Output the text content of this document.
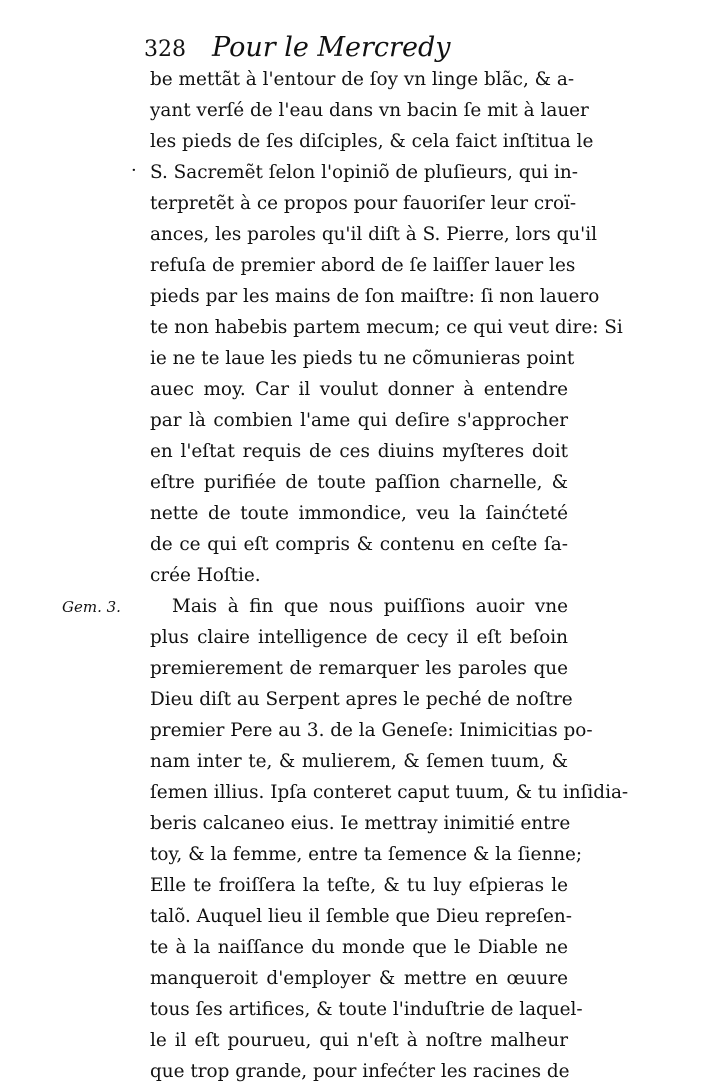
328 Pour le Mercredy
·
Gem. 3.
be mettãt à l'entour de ſoy vn linge blãc, & a-
yant verſé de l'eau dans vn bacin ſe mit à lauer
les pieds de ſes diſciples, & cela faict inſtitua le
S. Sacremẽt ſelon l'opiniõ de pluſieurs, qui in-
terpretẽt à ce propos pour fauoriſer leur croï-
ances, les paroles qu'il diſt à S. Pierre, lors qu'il
refuſa de premier abord de ſe laiſſer lauer les
pieds par les mains de ſon maiſtre: ſi non lauero
te non habebis partem mecum; ce qui veut dire: Si
ie ne te laue les pieds tu ne cõmunieras point
auec moy. Car il voulut donner à entendre
par là combien l'ame qui deſire s'approcher
en l'eſtat requis de ces diuins myſteres doit
eſtre purifiée de toute paſſion charnelle, &
nette de toute immondice, veu la ſainćteté
de ce qui eſt compris & contenu en ceſte ſa-
crée Hoſtie.
Mais à fin que nous puiſſions auoir vne
plus claire intelligence de cecy il eſt beſoin
premierement de remarquer les paroles que
Dieu diſt au Serpent apres le peché de noſtre
premier Pere au 3. de la Geneſe: Inimicitias po-
nam inter te, & mulierem, & ſemen tuum, &
ſemen illius. Ipſa conteret caput tuum, & tu inſidia-
beris calcaneo eius. Ie mettray inimitié entre
toy, & la femme, entre ta ſemence & la ſienne;
Elle te froiſſera la teſte, & tu luy eſpieras le
talõ. Auquel lieu il ſemble que Dieu repreſen-
te à la naiſſance du monde que le Diable ne
manqueroit d'employer & mettre en œuure
tous ſes artifices, & toute l'induſtrie de laquel-
le il eſt pourueu, qui n'eſt à noſtre malheur
que trop grande, pour infećter les racines de
